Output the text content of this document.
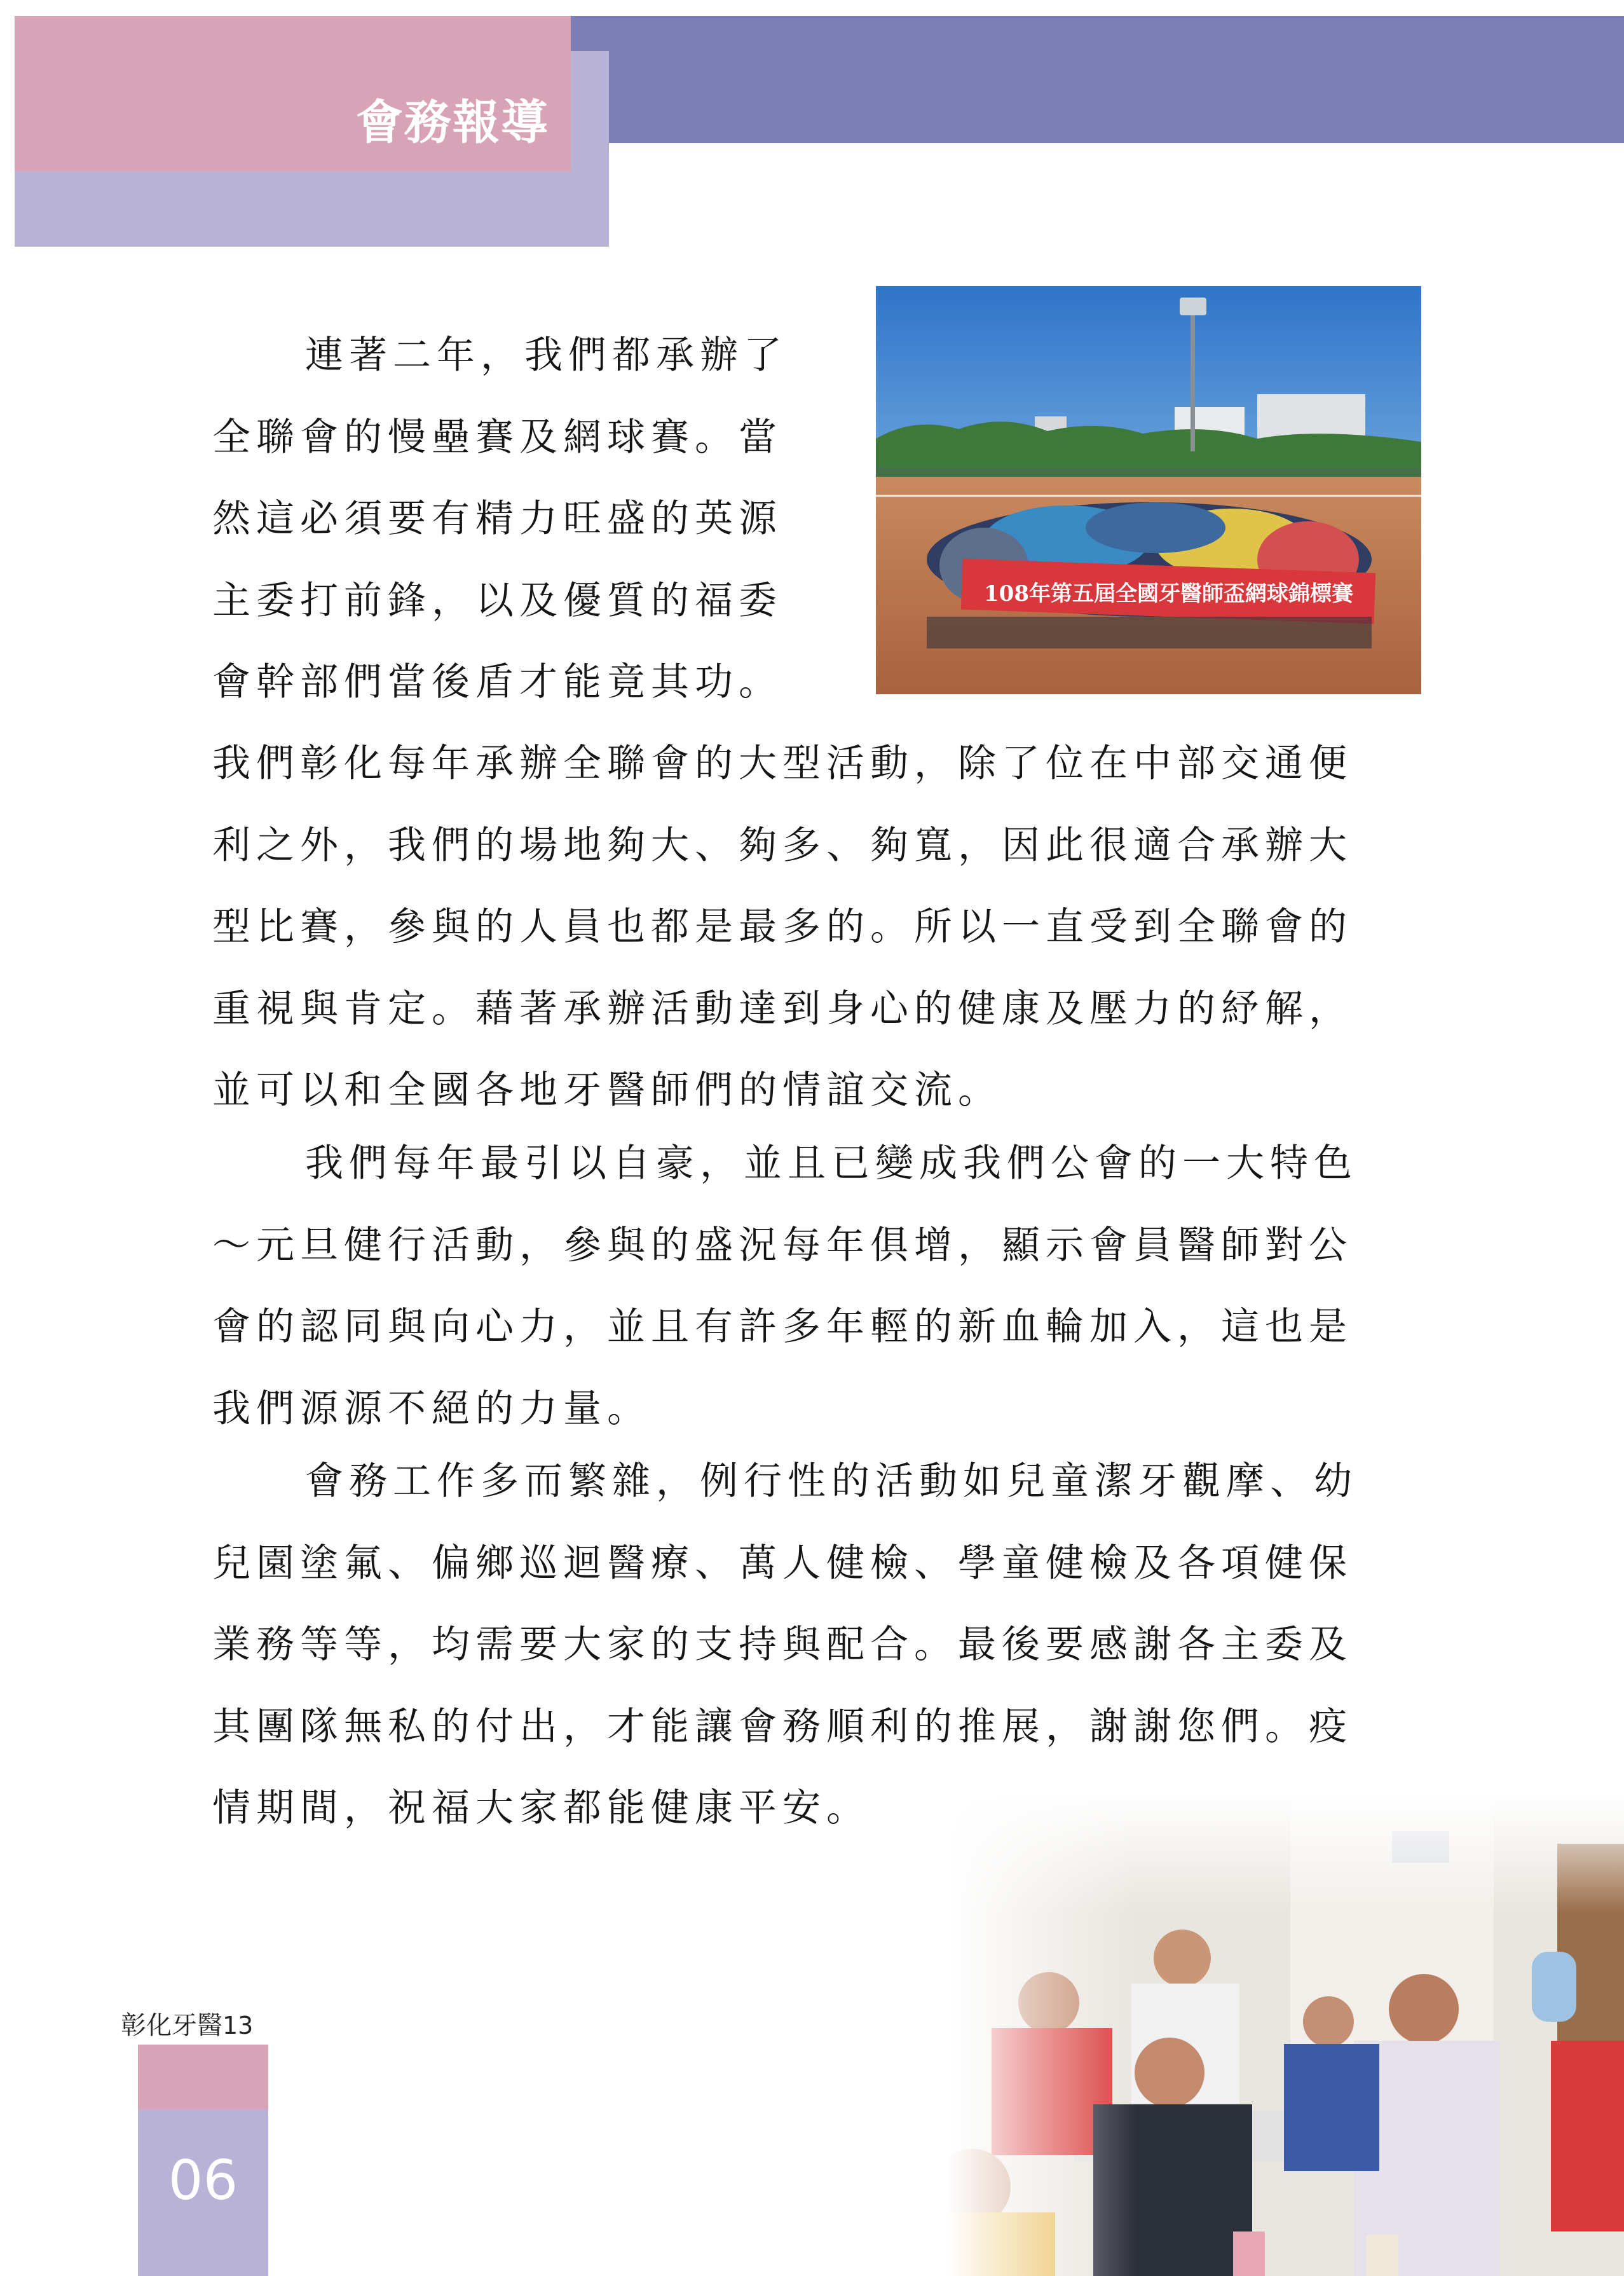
會務報導
連著二年，我們都承辦了
全聯會的慢壘賽及網球賽。當
然這必須要有精力旺盛的英源
主委打前鋒，以及優質的福委
會幹部們當後盾才能竟其功。
我們彰化每年承辦全聯會的大型活動，除了位在中部交通便
利之外，我們的場地夠大、夠多、夠寬，因此很適合承辦大
型比賽，參與的人員也都是最多的。所以一直受到全聯會的
重視與肯定。藉著承辦活動達到身心的健康及壓力的紓解，
並可以和全國各地牙醫師們的情誼交流。
我們每年最引以自豪，並且已變成我們公會的一大特色
～元旦健行活動，參與的盛況每年俱增，顯示會員醫師對公
會的認同與向心力，並且有許多年輕的新血輪加入，這也是
我們源源不絕的力量。
會務工作多而繁雜，例行性的活動如兒童潔牙觀摩、幼
兒園塗氟、偏鄉巡迴醫療、萬人健檢、學童健檢及各項健保
業務等等，均需要大家的支持與配合。最後要感謝各主委及
其團隊無私的付出，才能讓會務順利的推展，謝謝您們。疫
情期間，祝福大家都能健康平安。
108年第五屆全國牙醫師盃網球錦標賽
彰化牙醫13
06
